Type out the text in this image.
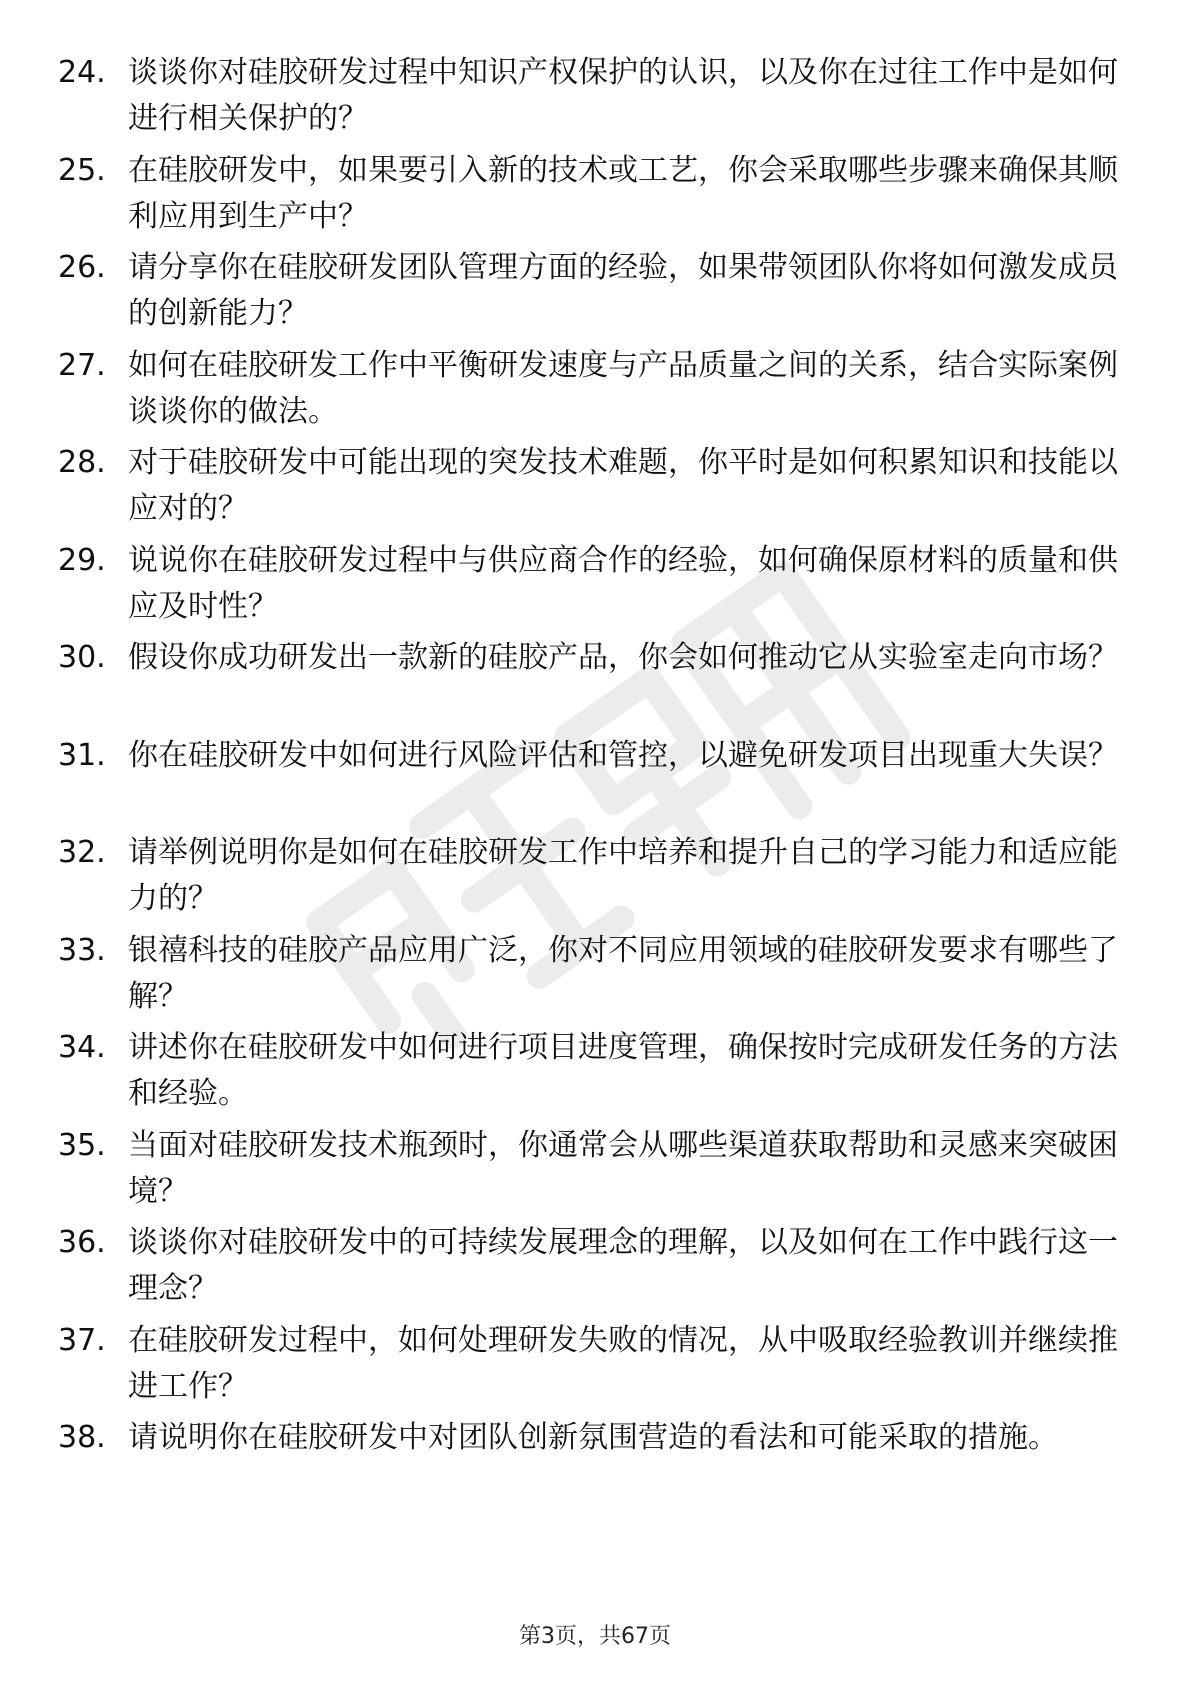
24. 谈谈你对硅胶研发过程中知识产权保护的认识，以及你在过往工作中是如何进行相关保护的？
25. 在硅胶研发中，如果要引入新的技术或工艺，你会采取哪些步骤来确保其顺利应用到生产中？
26. 请分享你在硅胶研发团队管理方面的经验，如果带领团队你将如何激发成员的创新能力？
27. 如何在硅胶研发工作中平衡研发速度与产品质量之间的关系，结合实际案例谈谈你的做法。
28. 对于硅胶研发中可能出现的突发技术难题，你平时是如何积累知识和技能以应对的？
29. 说说你在硅胶研发过程中与供应商合作的经验，如何确保原材料的质量和供应及时性？
30. 假设你成功研发出一款新的硅胶产品，你会如何推动它从实验室走向市场？
31. 你在硅胶研发中如何进行风险评估和管控，以避免研发项目出现重大失误？
32. 请举例说明你是如何在硅胶研发工作中培养和提升自己的学习能力和适应能力的？
33. 银禧科技的硅胶产品应用广泛，你对不同应用领域的硅胶研发要求有哪些了解？
34. 讲述你在硅胶研发中如何进行项目进度管理，确保按时完成研发任务的方法和经验。
35. 当面对硅胶研发技术瓶颈时，你通常会从哪些渠道获取帮助和灵感来突破困境？
36. 谈谈你对硅胶研发中的可持续发展理念的理解，以及如何在工作中践行这一理念？
37. 在硅胶研发过程中，如何处理研发失败的情况，从中吸取经验教训并继续推进工作？
38. 请说明你在硅胶研发中对团队创新氛围营造的看法和可能采取的措施。
第3页，共67页
